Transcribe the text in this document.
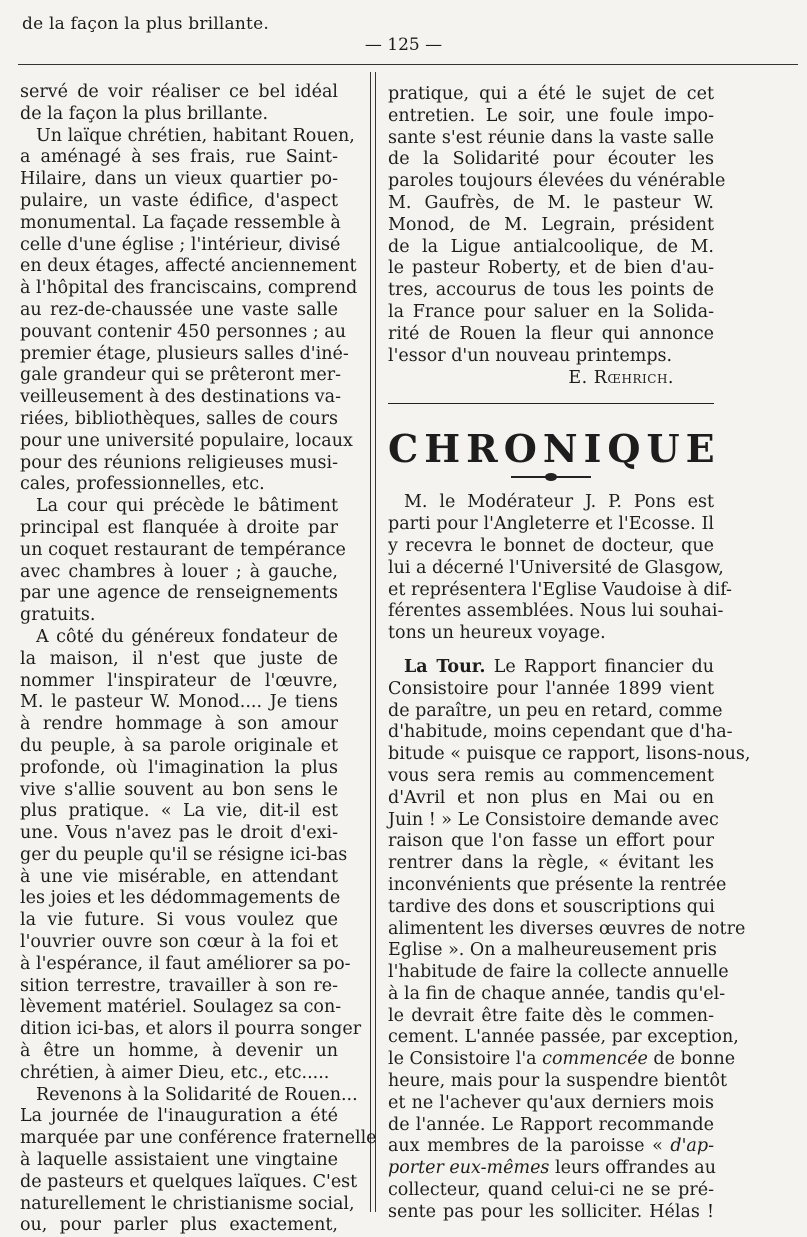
de la façon la plus brillante.
— 125 —
servé de voir réaliser ce bel idéal
de la façon la plus brillante.
Un laïque chrétien, habitant Rouen,
a aménagé à ses frais, rue Saint-
Hilaire, dans un vieux quartier po-
pulaire, un vaste édifice, d'aspect
monumental. La façade ressemble à
celle d'une église ; l'intérieur, divisé
en deux étages, affecté anciennement
à l'hôpital des franciscains, comprend
au rez-de-chaussée une vaste salle
pouvant contenir 450 personnes ; au
premier étage, plusieurs salles d'iné-
gale grandeur qui se prêteront mer-
veilleusement à des destinations va-
riées, bibliothèques, salles de cours
pour une université populaire, locaux
pour des réunions religieuses musi-
cales, professionnelles, etc.
La cour qui précède le bâtiment
principal est flanquée à droite par
un coquet restaurant de tempérance
avec chambres à louer ; à gauche,
par une agence de renseignements
gratuits.
A côté du généreux fondateur de
la maison, il n'est que juste de
nommer l'inspirateur de l'œuvre,
M. le pasteur W. Monod.... Je tiens
à rendre hommage à son amour
du peuple, à sa parole originale et
profonde, où l'imagination la plus
vive s'allie souvent au bon sens le
plus pratique. « La vie, dit-il est
une. Vous n'avez pas le droit d'exi-
ger du peuple qu'il se résigne ici-bas
à une vie misérable, en attendant
les joies et les dédommagements de
la vie future. Si vous voulez que
l'ouvrier ouvre son cœur à la foi et
à l'espérance, il faut améliorer sa po-
sition terrestre, travailler à son re-
lèvement matériel. Soulagez sa con-
dition ici-bas, et alors il pourra songer
à être un homme, à devenir un
chrétien, à aimer Dieu, etc., etc.....
Revenons à la Solidarité de Rouen...
La journée de l'inauguration a été
marquée par une conférence fraternelle
à laquelle assistaient une vingtaine
de pasteurs et quelques laïques. C'est
naturellement le christianisme social,
ou, pour parler plus exactement,
pratique, qui a été le sujet de cet
entretien. Le soir, une foule impo-
sante s'est réunie dans la vaste salle
de la Solidarité pour écouter les
paroles toujours élevées du vénérable
M. Gaufrès, de M. le pasteur W.
Monod, de M. Legrain, président
de la Ligue antialcoolique, de M.
le pasteur Roberty, et de bien d'au-
tres, accourus de tous les points de
la France pour saluer en la Solida-
rité de Rouen la fleur qui annonce
l'essor d'un nouveau printemps.
E. Rœhrich.
CHRONIQUE
M. le Modérateur J. P. Pons est
parti pour l'Angleterre et l'Ecosse. Il
y recevra le bonnet de docteur, que
lui a décerné l'Université de Glasgow,
et représentera l'Eglise Vaudoise à dif-
férentes assemblées. Nous lui souhai-
tons un heureux voyage.
La Tour. Le Rapport financier du
Consistoire pour l'année 1899 vient
de paraître, un peu en retard, comme
d'habitude, moins cependant que d'ha-
bitude « puisque ce rapport, lisons-nous,
vous sera remis au commencement
d'Avril et non plus en Mai ou en
Juin ! » Le Consistoire demande avec
raison que l'on fasse un effort pour
rentrer dans la règle, « évitant les
inconvénients que présente la rentrée
tardive des dons et souscriptions qui
alimentent les diverses œuvres de notre
Eglise ». On a malheureusement pris
l'habitude de faire la collecte annuelle
à la fin de chaque année, tandis qu'el-
le devrait être faite dès le commen-
cement. L'année passée, par exception,
le Consistoire l'a commencée de bonne
heure, mais pour la suspendre bientôt
et ne l'achever qu'aux derniers mois
de l'année. Le Rapport recommande
aux membres de la paroisse « d'ap-
porter eux-mêmes leurs offrandes au
collecteur, quand celui-ci ne se pré-
sente pas pour les solliciter. Hélas !
